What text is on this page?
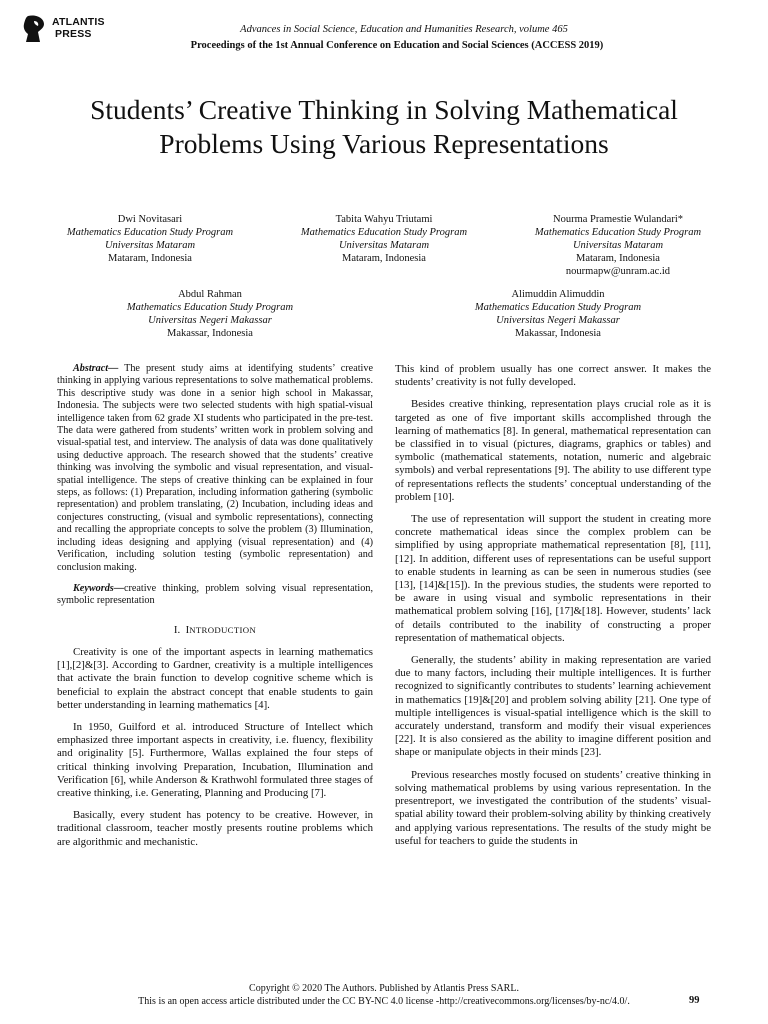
ATLANTIS
PRESS	Advances in Social Science, Education and Humanities Research, volume 465
Proceedings of the 1st Annual Conference on Education and Social Sciences (ACCESS 2019)
Students’ Creative Thinking in Solving Mathematical Problems Using Various Representations
Dwi Novitasari
Mathematics Education Study Program
Universitas Mataram
Mataram, Indonesia
Tabita Wahyu Triutami
Mathematics Education Study Program
Universitas Mataram
Mataram, Indonesia
Nourma Pramestie Wulandari*
Mathematics Education Study Program
Universitas Mataram
Mataram, Indonesia
nourmapw@unram.ac.id
Abdul Rahman
Mathematics Education Study Program
Universitas Negeri Makassar
Makassar, Indonesia
Alimuddin Alimuddin
Mathematics Education Study Program
Universitas Negeri Makassar
Makassar, Indonesia

Abstract— The present study aims at identifying students’ creative thinking in applying various representations to solve mathematical problems. This descriptive study was done in a senior high school in Makassar, Indonesia. The subjects were two selected students with high spatial-visual intelligence taken from 62 grade XI students who participated in the pre-test. The data were gathered from students’ written work in problem solving and visual-spatial test, and interview. The analysis of data was done qualitatively using deductive approach. The research showed that the students’ creative thinking was involving the symbolic and visual representation, and visual-spatial intelligence. The steps of creative thinking can be explained in four steps, as follows: (1) Preparation, including information gathering (symbolic representation) and problem translating, (2) Incubation, including ideas and conjectures constructing, (visual and symbolic representations), connecting and recalling the appropriate concepts to solve the problem (3) Illumination, including ideas designing and applying (visual representation) and (4) Verification, including solution testing (symbolic representation) and conclusion making.

Keywords—creative thinking, problem solving visual representation, symbolic representation

I. INTRODUCTION

Creativity is one of the important aspects in learning mathematics [1],[2]&[3]. According to Gardner, creativity is a multiple intelligences that activate the brain function to develop cognitive scheme which is beneficial to explain the abstract concept that enable students to gain better understanding in learning mathematics [4].

In 1950, Guilford et al. introduced Structure of Intellect which emphasized three important aspects in creativity, i.e. fluency, flexibility and originality [5]. Furthermore, Wallas explained the four steps of critical thinking involving Preparation, Incubation, Illumination and Verification [6], while Anderson & Krathwohl formulated three stages of creative thinking, i.e. Generating, Planning and Producing [7].

Basically, every student has potency to be creative. However, in traditional classroom, teacher mostly presents routine problems which are algorithmic and mechanistic.

This kind of problem usually has one correct answer. It makes the students’ creativity is not fully developed.

Besides creative thinking, representation plays crucial role as it is targeted as one of five important skills accomplished through the learning of mathematics [8]. In general, mathematical representation can be classified in to visual (pictures, diagrams, graphics or tables) and symbolic (mathematical statements, notation, numeric and algebraic symbols) and verbal representations [9]. The ability to use different type of representations reflects the students’ conceptual understanding of the problem [10].

The use of representation will support the student in creating more concrete mathematical ideas since the complex problem can be simplified by using appropriate mathematical representation [8], [11], [12]. In addition, different uses of representations can be useful support to enable students in learning as can be seen in numerous studies (see [13], [14]&[15]). In the previous studies, the students were reported to be aware in using visual and symbolic representations in their mathematical problem solving [16], [17]&[18]. However, students’ lack of details contributed to the inability of constructing a proper representation of mathematical objects.

Generally, the students’ ability in making representation are varied due to many factors, including their multiple intelligences. It is further recognized to significantly contributes to students’ learning achievement in mathematics [19]&[20] and problem solving ability [21]. One type of multiple intelligences is visual-spatial intelligence which is the skill to accurately understand, transform and modify their visual experiences [22]. It is also consiered as the ability to imagine different position and shape or manipulate objects in their minds [23].

Previous researches mostly focused on students’ creative thinking in solving mathematical problems by using various representation. In the presentreport, we investigated the contribution of the students’ visual-spatial ability toward their problem-solving ability by thinking creatively and applying various representations. The results of the study might be useful for teachers to guide the students in

Copyright © 2020 The Authors. Published by Atlantis Press SARL.
This is an open access article distributed under the CC BY-NC 4.0 license -http://creativecommons.org/licenses/by-nc/4.0/.	99
